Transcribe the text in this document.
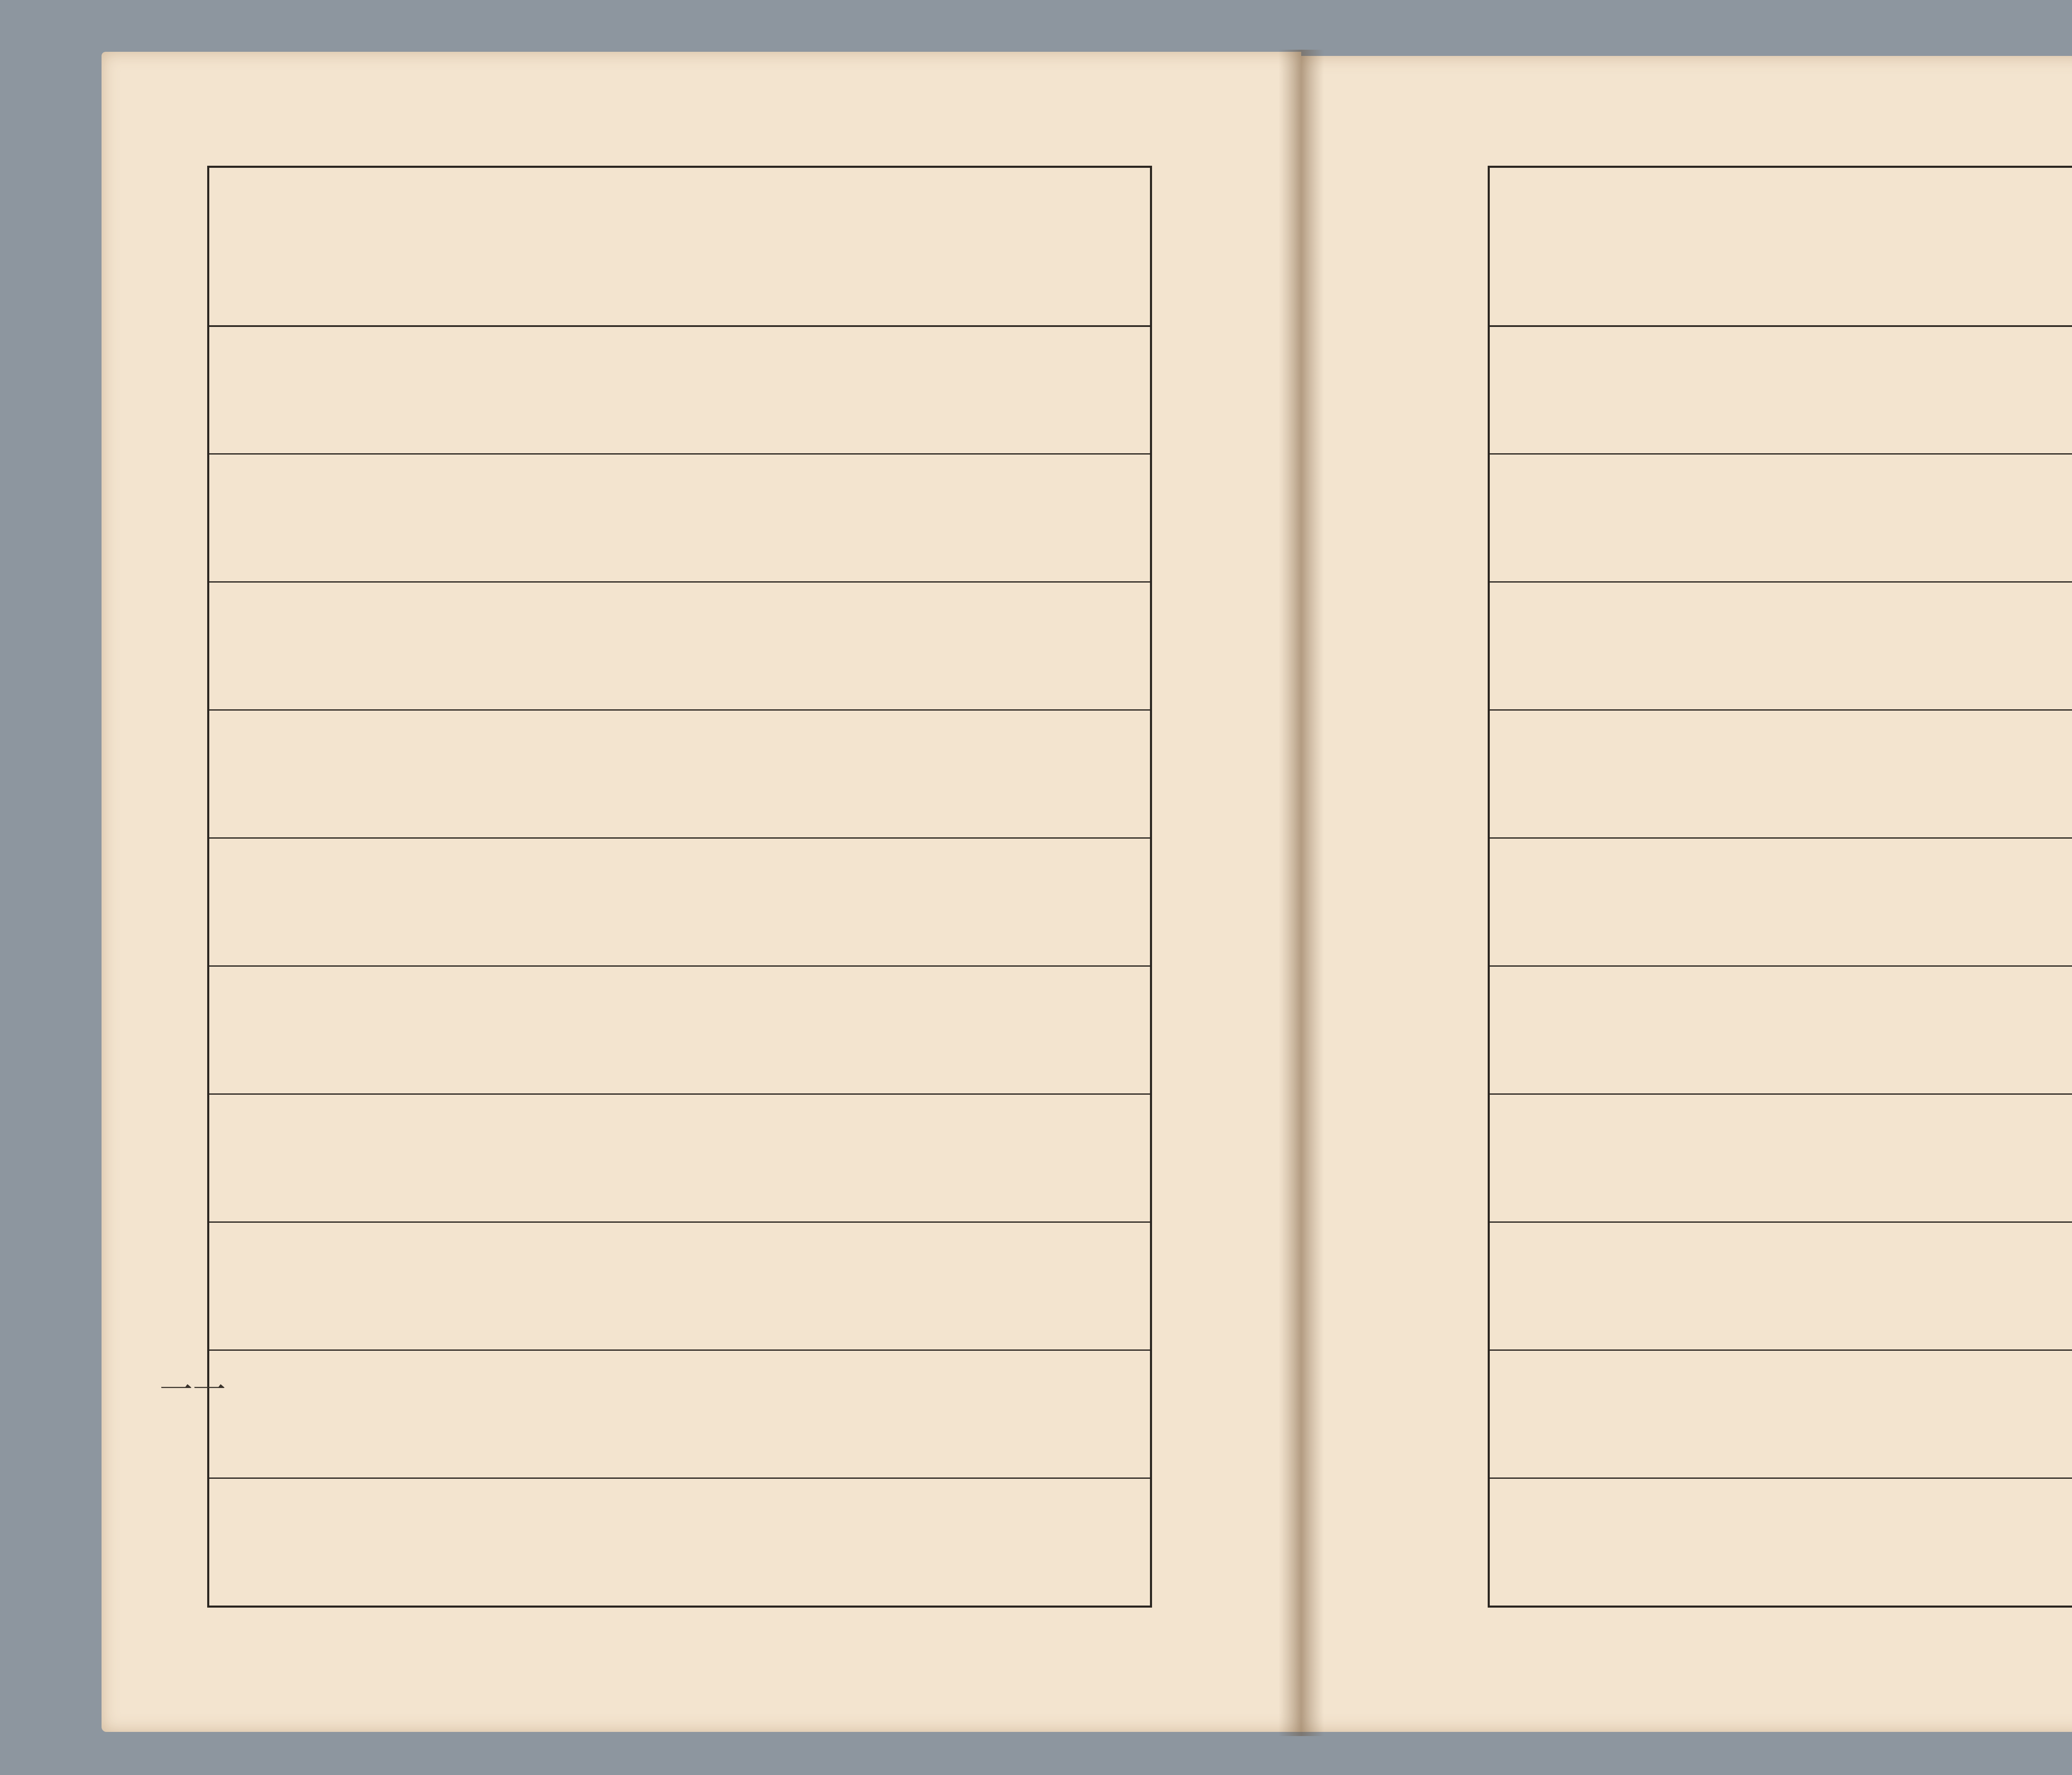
一一
